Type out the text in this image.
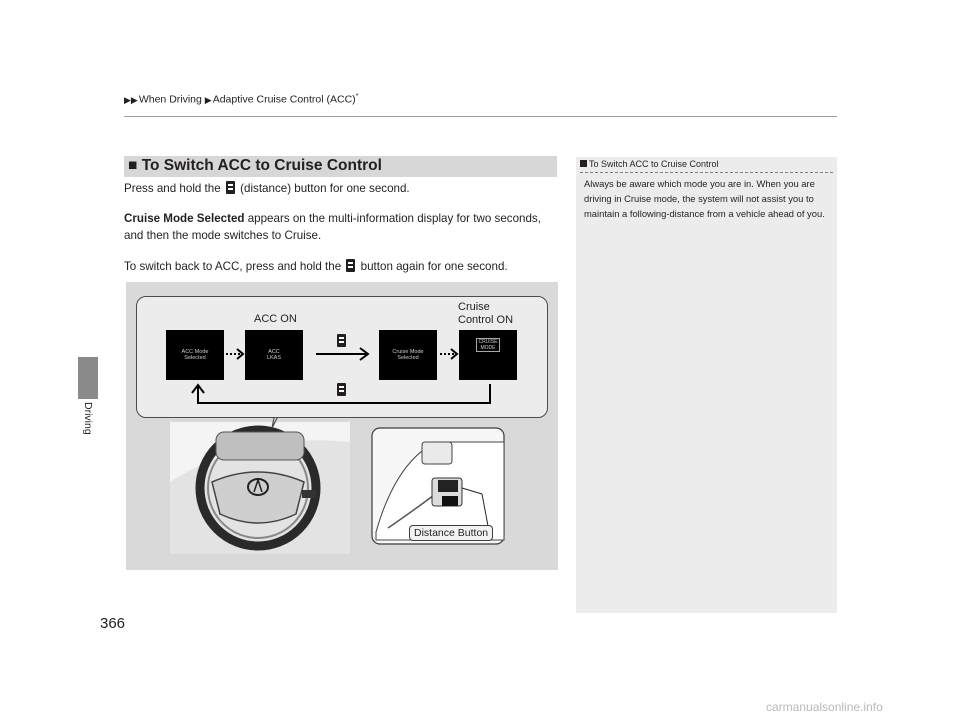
▶▶When Driving ▶Adaptive Cruise Control (ACC)*
Driving
366
■ To Switch ACC to Cruise Control
Press and hold the (distance) button for one second.
Cruise Mode Selected appears on the multi-information display for two seconds,
and then the mode switches to Cruise.
To switch back to ACC, press and hold the button again for one second.
ACC ON
Cruise
Control ON
ACC Mode
Selected
ACC
LKAS
Cruise Mode
Selected
CRUISE
MODE
Distance Button
To Switch ACC to Cruise Control
Always be aware which mode you are in. When you are driving in Cruise mode, the system will not assist you to maintain a following-distance from a vehicle ahead of you.
carmanualsonline.info
